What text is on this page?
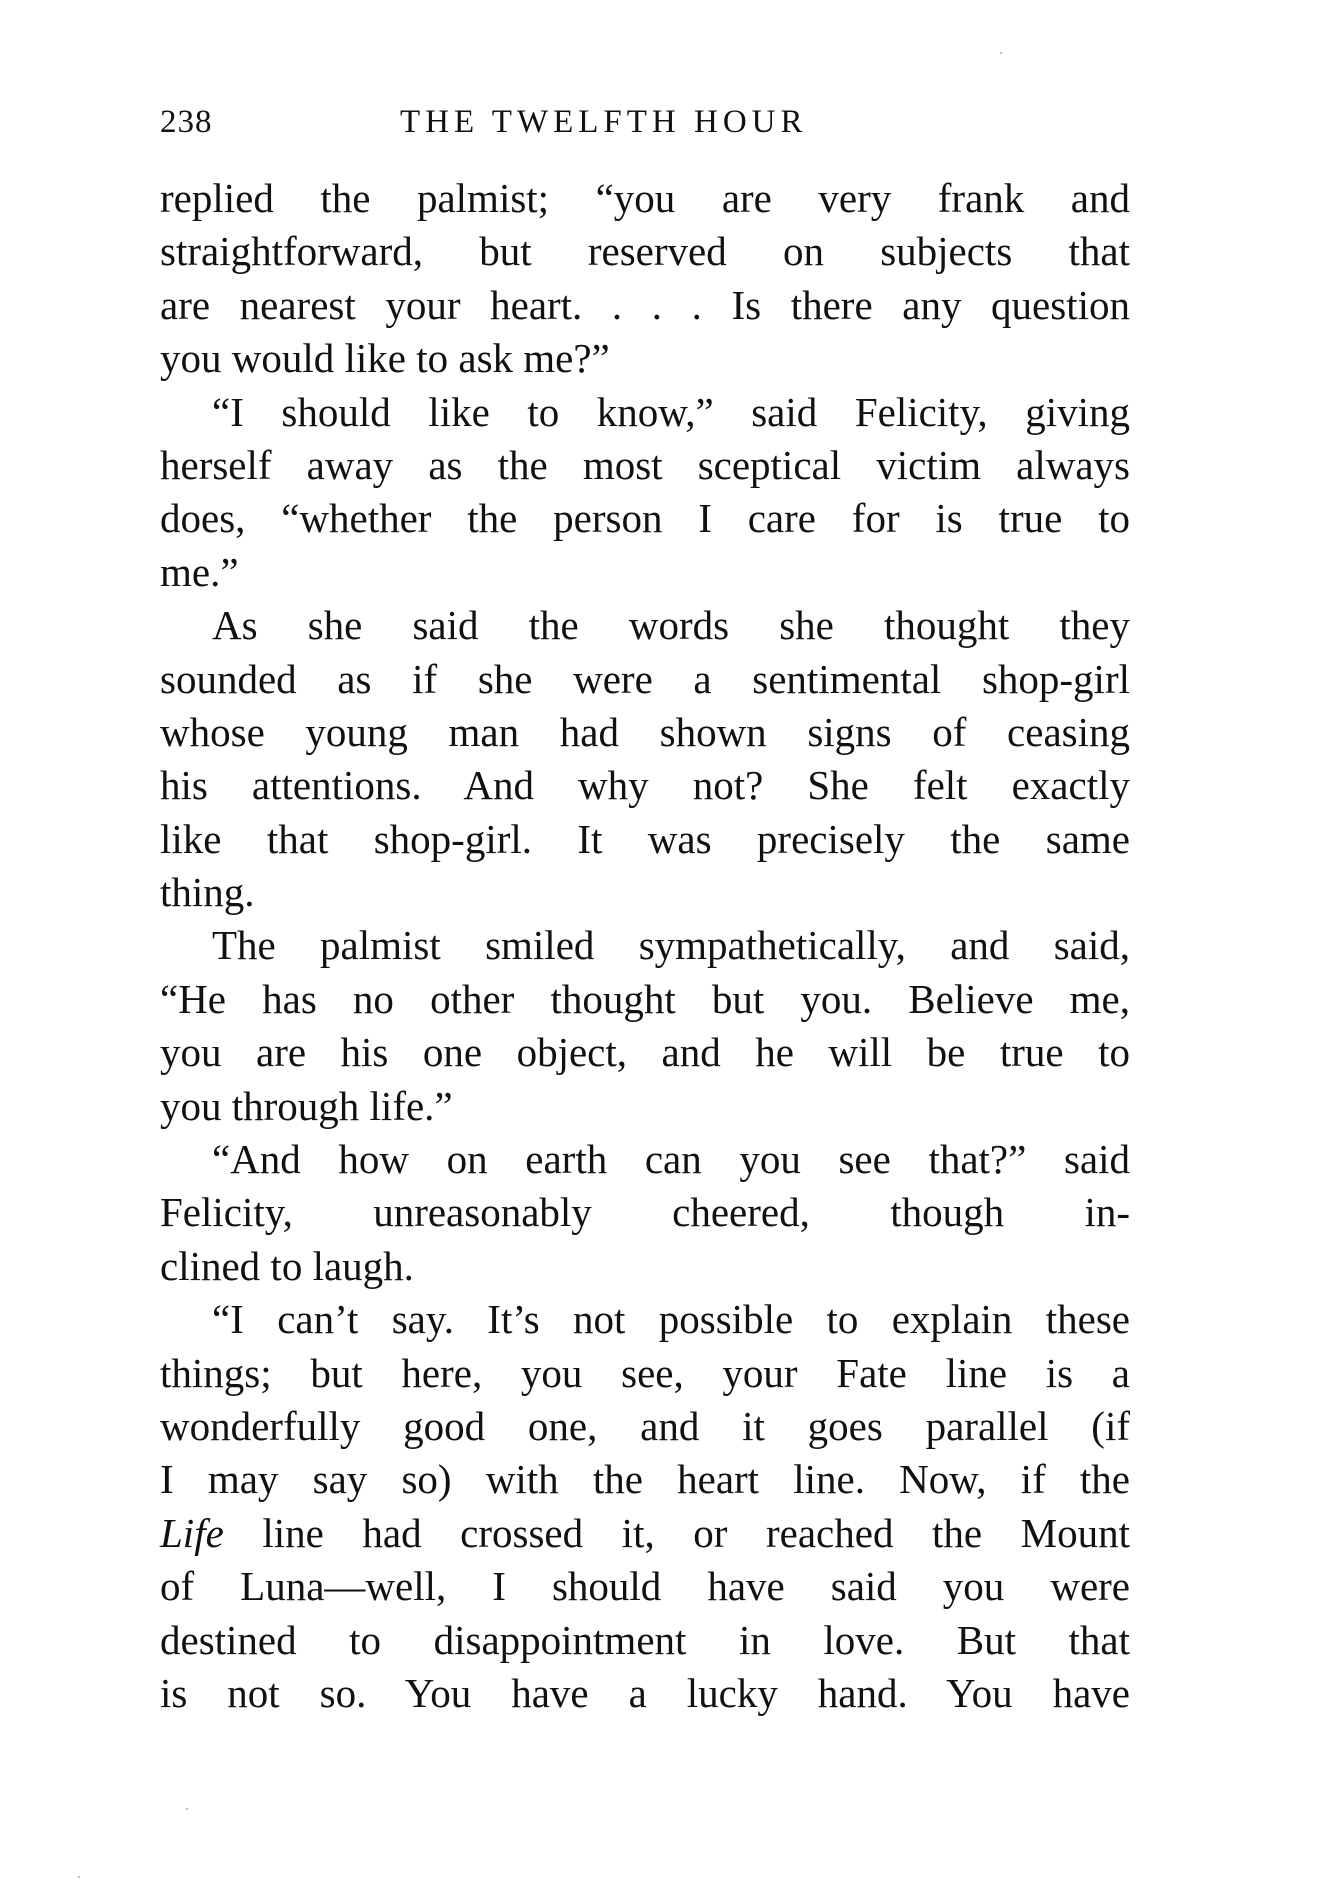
238	THE TWELFTH HOUR
replied the palmist; “you are very frank and
straightforward, but reserved on subjects that
are nearest your heart. . . . Is there any question
you would like to ask me?”
“I should like to know,” said Felicity, giving
herself away as the most sceptical victim always
does, “whether the person I care for is true to
me.”
As she said the words she thought they
sounded as if she were a sentimental shop-girl
whose young man had shown signs of ceasing
his attentions. And why not? She felt exactly
like that shop-girl. It was precisely the same
thing.
The palmist smiled sympathetically, and said,
“He has no other thought but you. Believe me,
you are his one object, and he will be true to
you through life.”
“And how on earth can you see that?” said
Felicity, unreasonably cheered, though in-
clined to laugh.
“I can’t say. It’s not possible to explain these
things; but here, you see, your Fate line is a
wonderfully good one, and it goes parallel (if
I may say so) with the heart line. Now, if the
Life line had crossed it, or reached the Mount
of Luna—well, I should have said you were
destined to disappointment in love. But that
is not so. You have a lucky hand. You have
